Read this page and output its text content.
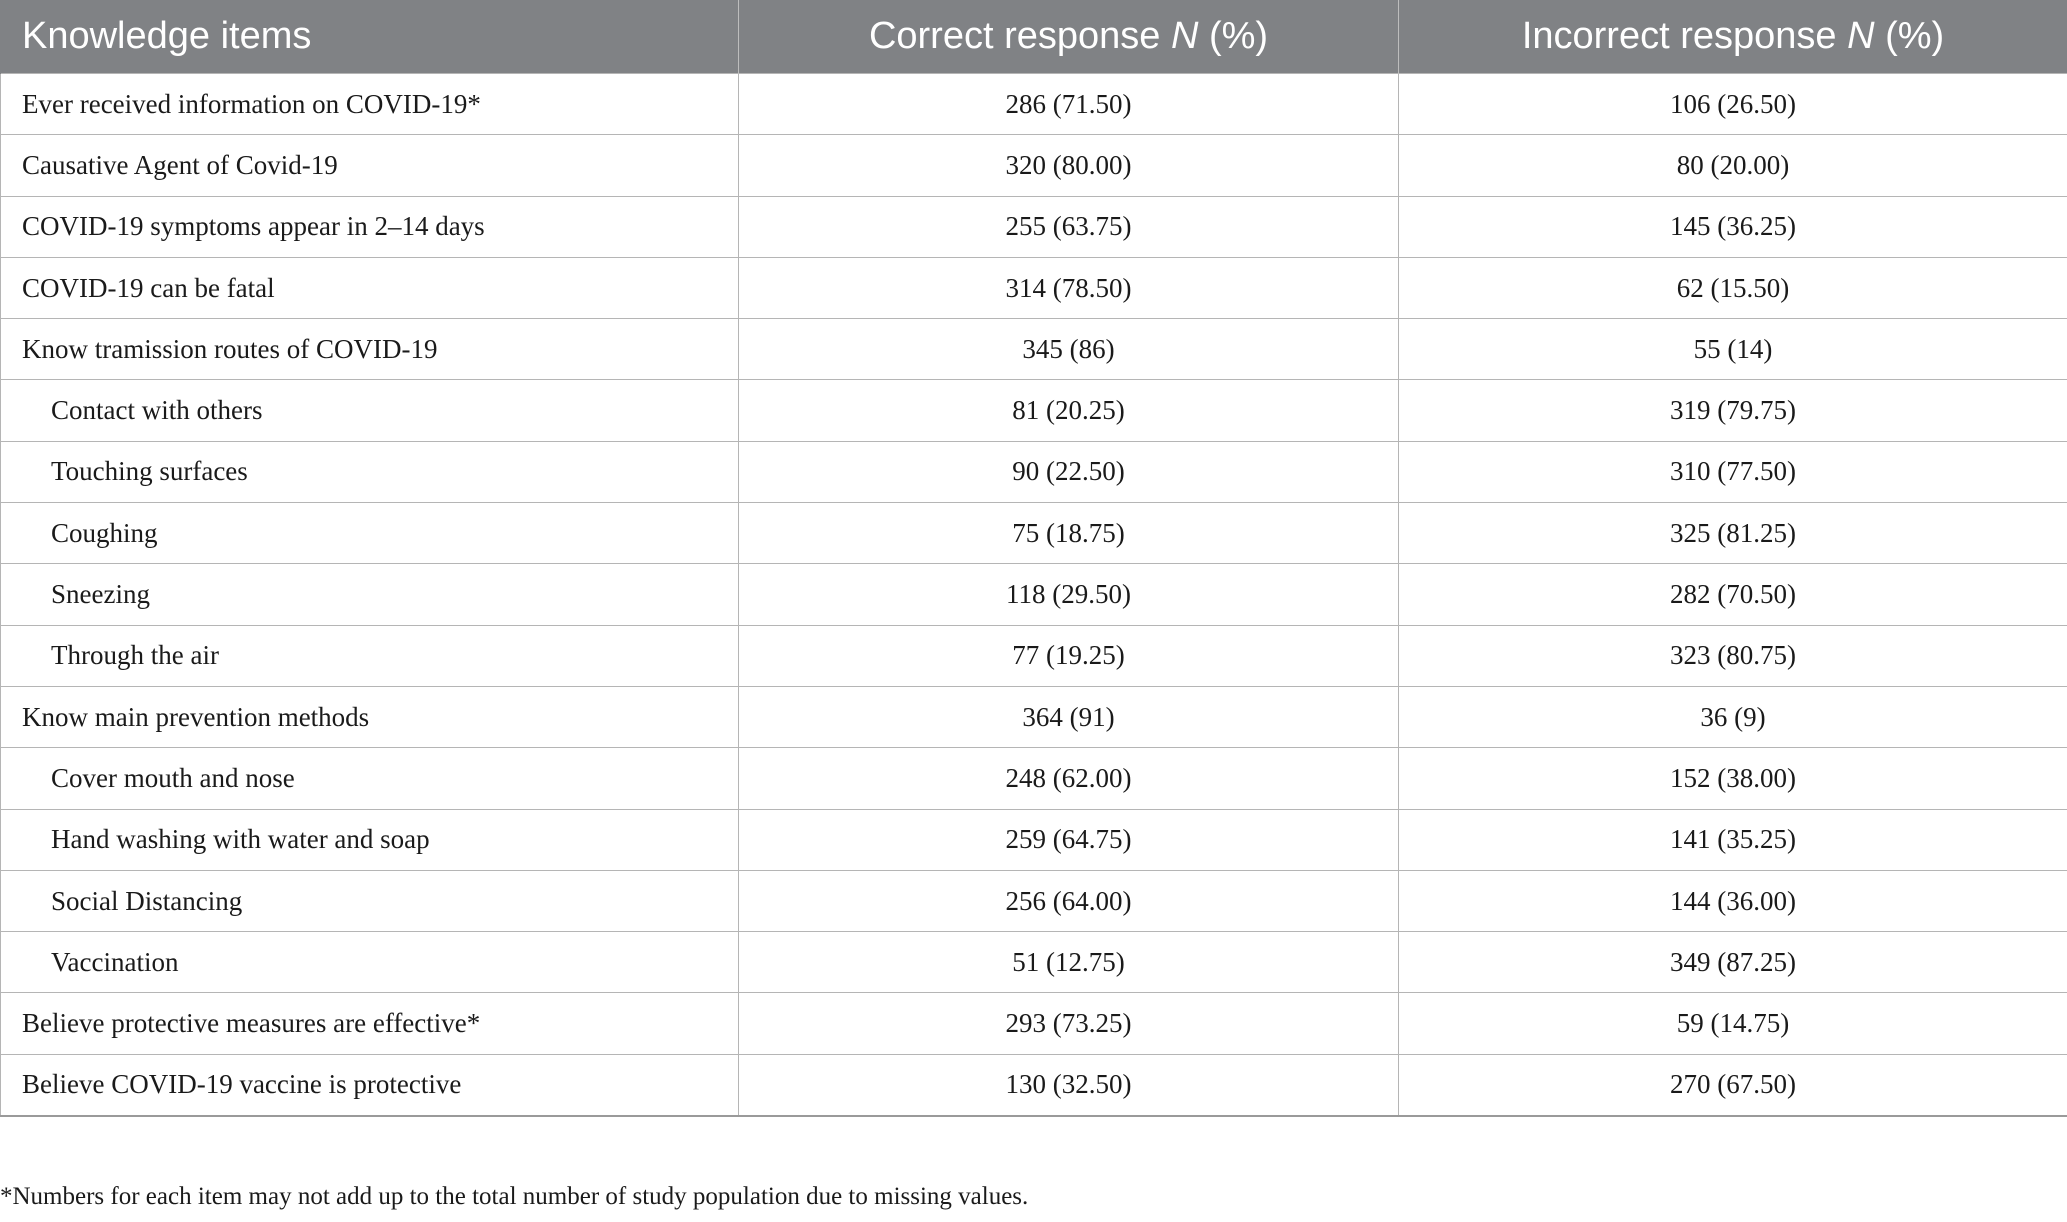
Knowledge items	Correct response N (%)	Incorrect response N (%)
Ever received information on COVID-19*	286 (71.50)	106 (26.50)
Causative Agent of Covid-19	320 (80.00)	80 (20.00)
COVID-19 symptoms appear in 2–14 days	255 (63.75)	145 (36.25)
COVID-19 can be fatal	314 (78.50)	62 (15.50)
Know tramission routes of COVID-19	345 (86)	55 (14)
Contact with others	81 (20.25)	319 (79.75)
Touching surfaces	90 (22.50)	310 (77.50)
Coughing	75 (18.75)	325 (81.25)
Sneezing	118 (29.50)	282 (70.50)
Through the air	77 (19.25)	323 (80.75)
Know main prevention methods	364 (91)	36 (9)
Cover mouth and nose	248 (62.00)	152 (38.00)
Hand washing with water and soap	259 (64.75)	141 (35.25)
Social Distancing	256 (64.00)	144 (36.00)
Vaccination	51 (12.75)	349 (87.25)
Believe protective measures are effective*	293 (73.25)	59 (14.75)
Believe COVID-19 vaccine is protective	130 (32.50)	270 (67.50)

*Numbers for each item may not add up to the total number of study population due to missing values.
